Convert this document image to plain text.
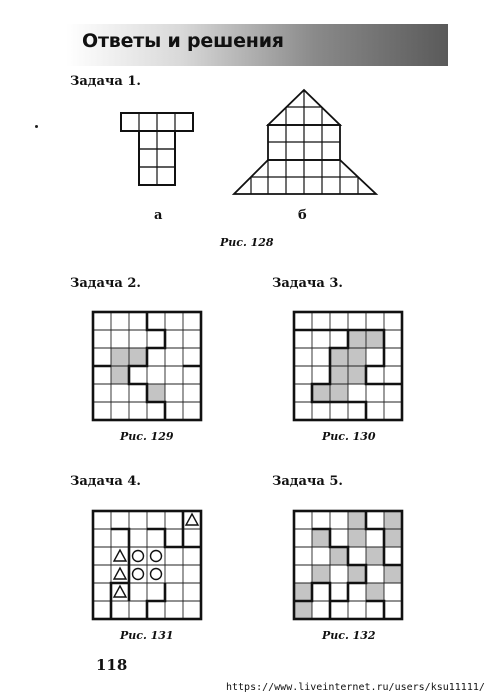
Ответы и решения
Задача 1.
а	б
Рис. 128
Задача 2.	Задача 3.
Рис. 129	Рис. 130
Задача 4.	Задача 5.
Рис. 131	Рис. 132
118
https://www.liveinternet.ru/users/ksu11111/
